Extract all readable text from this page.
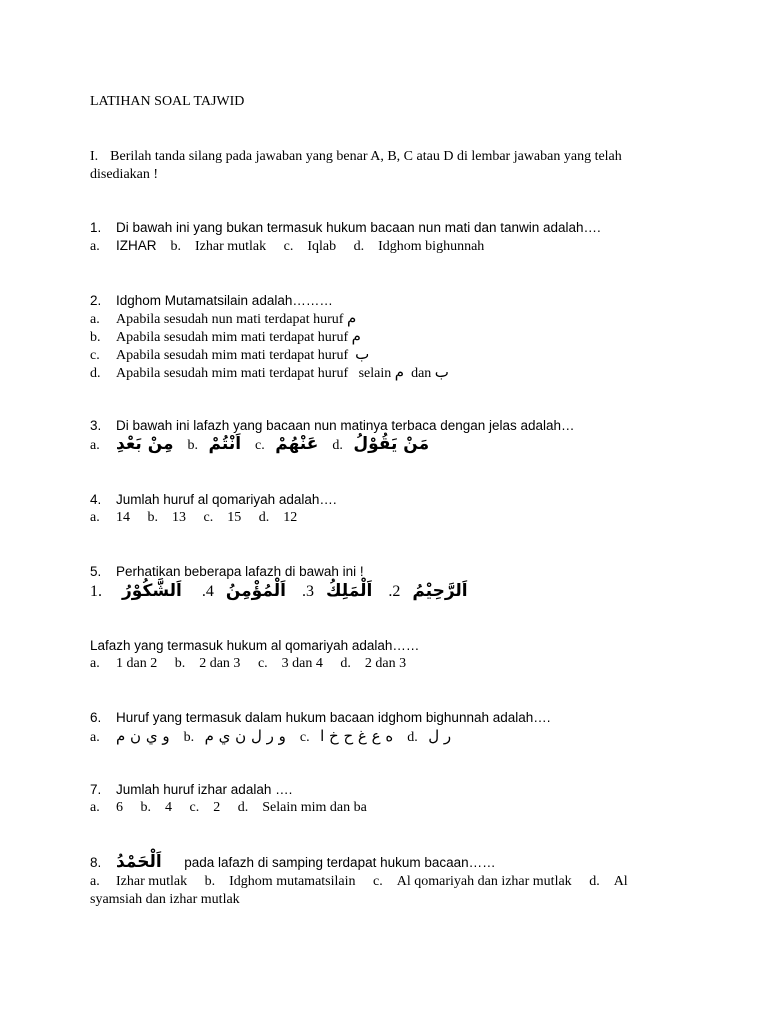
LATIHAN SOAL TAJWID
I. Berilah tanda silang pada jawaban yang benar A, B, C atau D di lembar jawaban yang telah
disediakan !
1. Di bawah ini yang bukan termasuk hukum bacaan nun mati dan tanwin adalah….
a. IZHAR b. Izhar mutlak c. Iqlab d. Idghom bighunnah
2. Idghom Mutamatsilain adalah………
a. Apabila sesudah nun mati terdapat huruf م
b. Apabila sesudah mim mati terdapat huruf م
c. Apabila sesudah mim mati terdapat huruf ب
d. Apabila sesudah mim mati terdapat huruf   selain م dan ب
3. Di bawah ini lafazh yang bacaan nun matinya terbaca dengan jelas adalah…
a. مِنْ بَعْدِ b. اَنْتُمْ c. عَنْهُمْ d. مَنْ يَقُوْلُ
4. Jumlah huruf al qomariyah adalah….
a. 14 b. 13 c. 15 d. 12
5. Perhatikan beberapa lafazh di bawah ini !
1. اَلشَّكُوْرُ .4 اَلْمُؤْمِنُ .3 اَلْمَلِكُ .2 اَلرَّحِيْمُ
Lafazh yang termasuk hukum al qomariyah adalah……
a. 1 dan 2 b. 2 dan 3 c. 3 dan 4 d. 2 dan 3
6. Huruf yang termasuk dalam hukum bacaan idghom bighunnah adalah….
a. و ي ن م b. و ر ل ن ي م c. ه ع غ ح خ ا d. ر ل
7. Jumlah huruf izhar adalah ….
a. 6 b. 4 c. 2 d. Selain mim dan ba
8. اَلْحَمْدُ pada lafazh di samping terdapat hukum bacaan……
a. Izhar mutlak b. Idghom mutamatsilain c. Al qomariyah dan izhar mutlak d. Al
syamsiah dan izhar mutlak
